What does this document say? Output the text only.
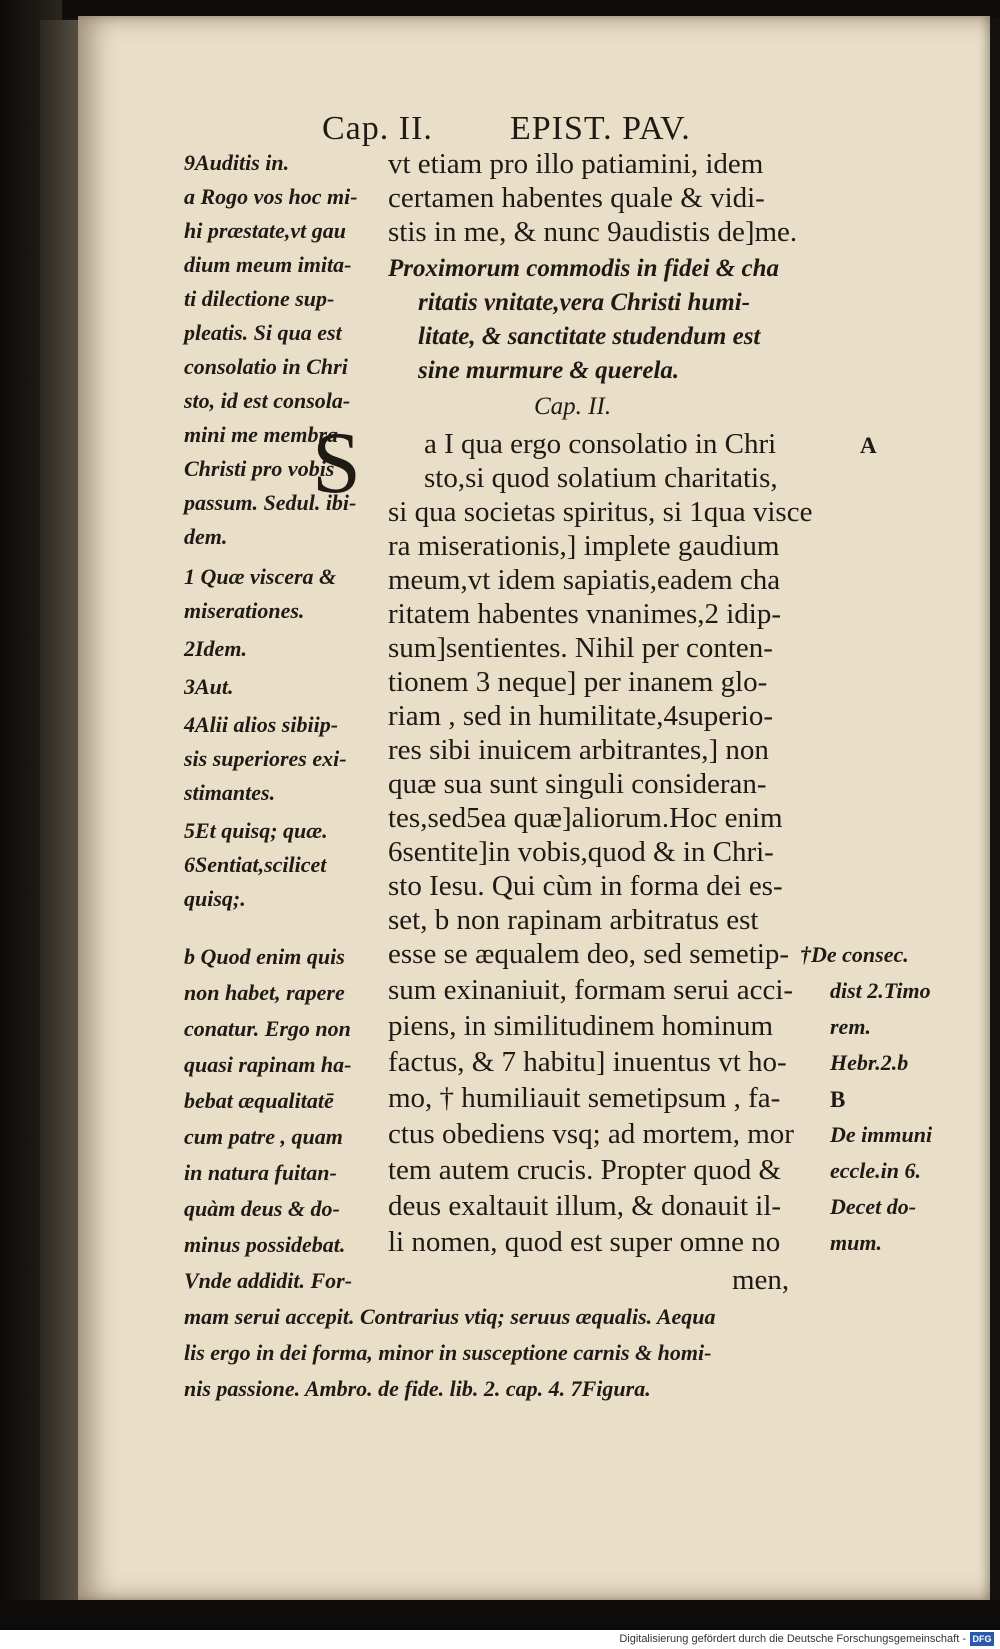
Cap. II. EPIST. PAV.
9Auditis in.
a Rogo vos hoc mi-
hi præstate,vt gau
dium meum imita-
ti dilectione sup-
pleatis. Si qua est
consolatio in Chri
sto, id est consola-
mini me membra
Christi pro vobis
passum. Sedul. ibi-
dem.
1 Quæ viscera &
miserationes.
2Idem.
3Aut.
4Alii alios sibiip-
sis superiores exi-
stimantes.
5Et quisq; quæ.
6Sentiat,scilicet
quisq;.
b Quod enim quis
non habet, rapere
conatur. Ergo non
quasi rapinam ha-
bebat æqualitatē
cum patre , quam
in natura fuitan-
quàm deus & do-
minus possidebat.
Vnde addidit. For-
vt etiam pro illo patiamini, idem
certamen habentes quale & vidi-
stis in me, & nunc 9audistis de]me.
Proximorum commodis in fidei & cha
ritatis vnitate,vera Christi humi-
litate, & sanctitate studendum est
sine murmure & querela.
Cap. II.
S a I qua ergo consolatio in Chri
sto,si quod solatium charitatis,
si qua societas spiritus, si 1qua visce
ra miserationis,] implete gaudium
meum,vt idem sapiatis,eadem cha
ritatem habentes vnanimes,2 idip-
sum]sentientes. Nihil per conten-
tionem 3 neque] per inanem glo-
riam , sed in humilitate,4superio-
res sibi inuicem arbitrantes,] non
quæ sua sunt singuli consideran-
tes,sed5ea quæ]aliorum.Hoc enim
6sentite]in vobis,quod & in Chri-
sto Iesu. Qui cùm in forma dei es-
set, b non rapinam arbitratus est
esse se æqualem deo, sed semetip-
sum exinaniuit, formam serui acci-
piens, in similitudinem hominum
factus, & 7 habitu] inuentus vt ho-
mo, † humiliauit semetipsum , fa-
ctus obediens vsq; ad mortem, mor
tem autem crucis. Propter quod &
deus exaltauit illum, & donauit il-
li nomen, quod est super omne no
men,
A
B
†De consec.
dist 2.Timo
rem.
Hebr.2.b
De immuni
eccle.in 6.
Decet do-
mum.
mam serui accepit. Contrarius vtiq; seruus æqualis. Aequa
lis ergo in dei forma, minor in susceptione carnis & homi-
nis passione. Ambro. de fide. lib. 2. cap. 4. 7Figura.
Digitalisierung gefördert durch die Deutsche Forschungsgemeinschaft - DFG
